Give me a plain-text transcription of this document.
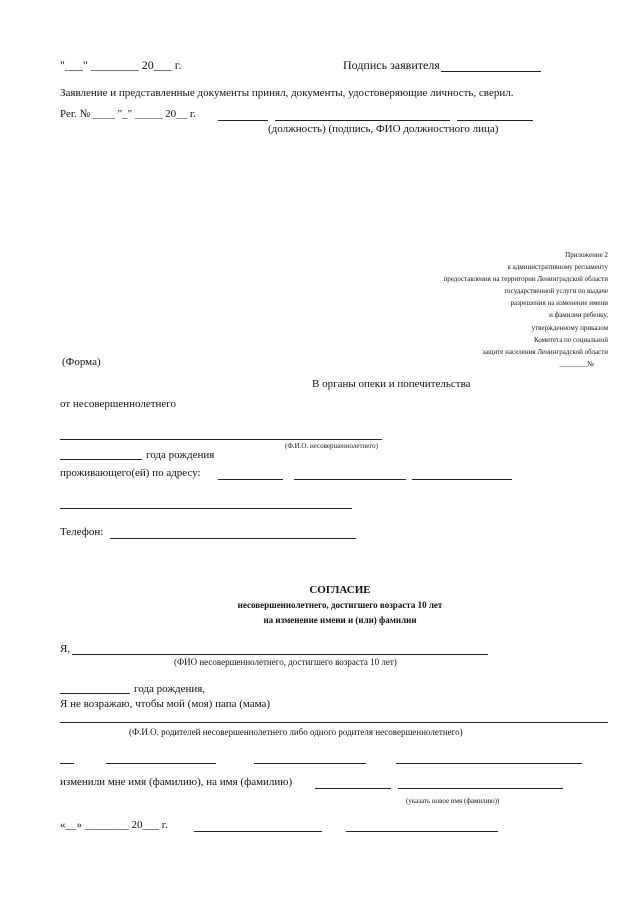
"___" ________ 20___ г.	Подпись заявителя
Заявление и представленные документы принял, документы, удостоверяющие личность, сверил.
Рег. № ____ "_" _____ 20__ г.
(должность) (подпись, ФИО должностного лица)
Приложение 2
к административному регламенту
предоставления на территории Ленинградской области
государственной услуги по выдаче
разрешения на изменение имени
и фамилии ребенку,
утвержденному приказом
Комитета по социальной
защите населения Ленинградской области
________№
(Форма)
В органы опеки и попечительства
от несовершеннолетнего
(Ф.И.О. несовершеннолетнего)
года рождения
проживающего(ей) по адресу:
Телефон:
СОГЛАСИЕ
несовершеннолетнего, достигшего возраста 10 лет
на изменение имени и (или) фамилии
Я,
(ФИО несовершеннолетнего, достигшего возраста 10 лет)
года рождения,
Я не возражаю, чтобы мой (моя) папа (мама)
(Ф.И.О. родителей несовершеннолетнего либо одного родителя несовершеннолетнего)
изменили мне имя (фамилию), на имя (фамилию)
(указать новое имя (фамилию))
«__» ________ 20___ г.
